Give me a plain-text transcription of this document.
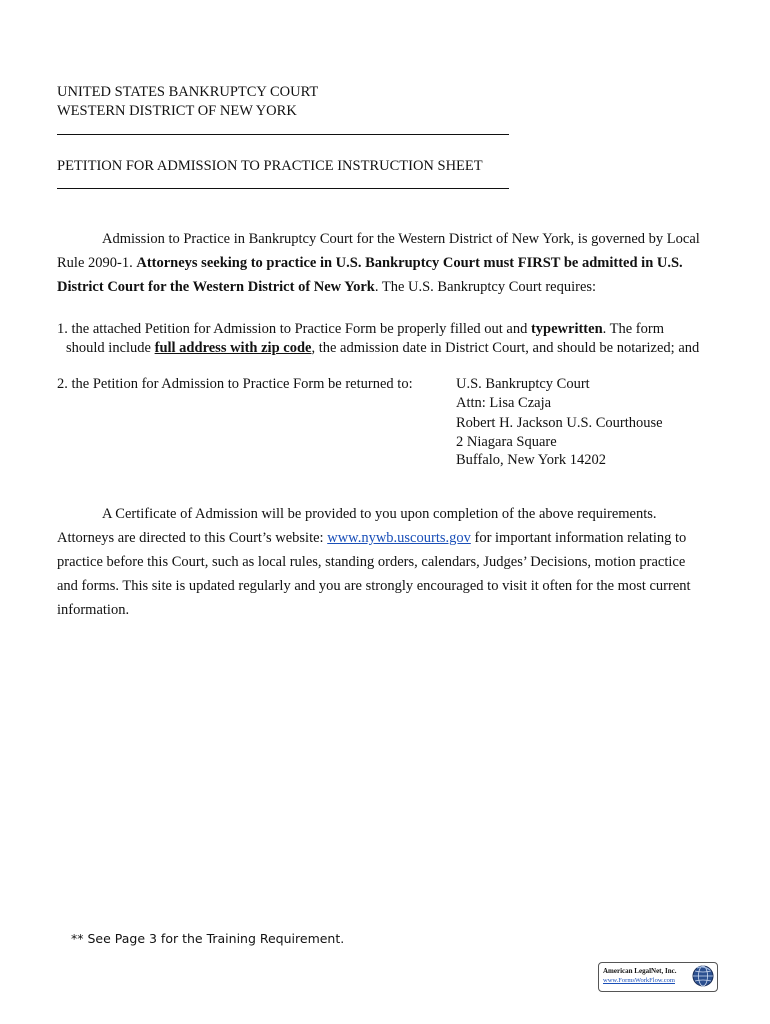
UNITED STATES BANKRUPTCY COURT
WESTERN DISTRICT OF NEW YORK
PETITION FOR ADMISSION TO PRACTICE INSTRUCTION SHEET
Admission to Practice in Bankruptcy Court for the Western District of New York, is governed by Local
Rule 2090-1. Attorneys seeking to practice in U.S. Bankruptcy Court must FIRST be admitted in U.S.
District Court for the Western District of New York. The U.S. Bankruptcy Court requires:
1. the attached Petition for Admission to Practice Form be properly filled out and typewritten. The form
should include full address with zip code, the admission date in District Court, and should be notarized; and
2. the Petition for Admission to Practice Form be returned to:	U.S. Bankruptcy Court
Attn: Lisa Czaja
Robert H. Jackson U.S. Courthouse
2 Niagara Square
Buffalo, New York 14202
A Certificate of Admission will be provided to you upon completion of the above requirements.
Attorneys are directed to this Court’s website: www.nywb.uscourts.gov for important information relating to
practice before this Court, such as local rules, standing orders, calendars, Judges’ Decisions, motion practice
and forms. This site is updated regularly and you are strongly encouraged to visit it often for the most current
information.
** See Page 3 for the Training Requirement.
American LegalNet, Inc.
www.FormsWorkFlow.com
